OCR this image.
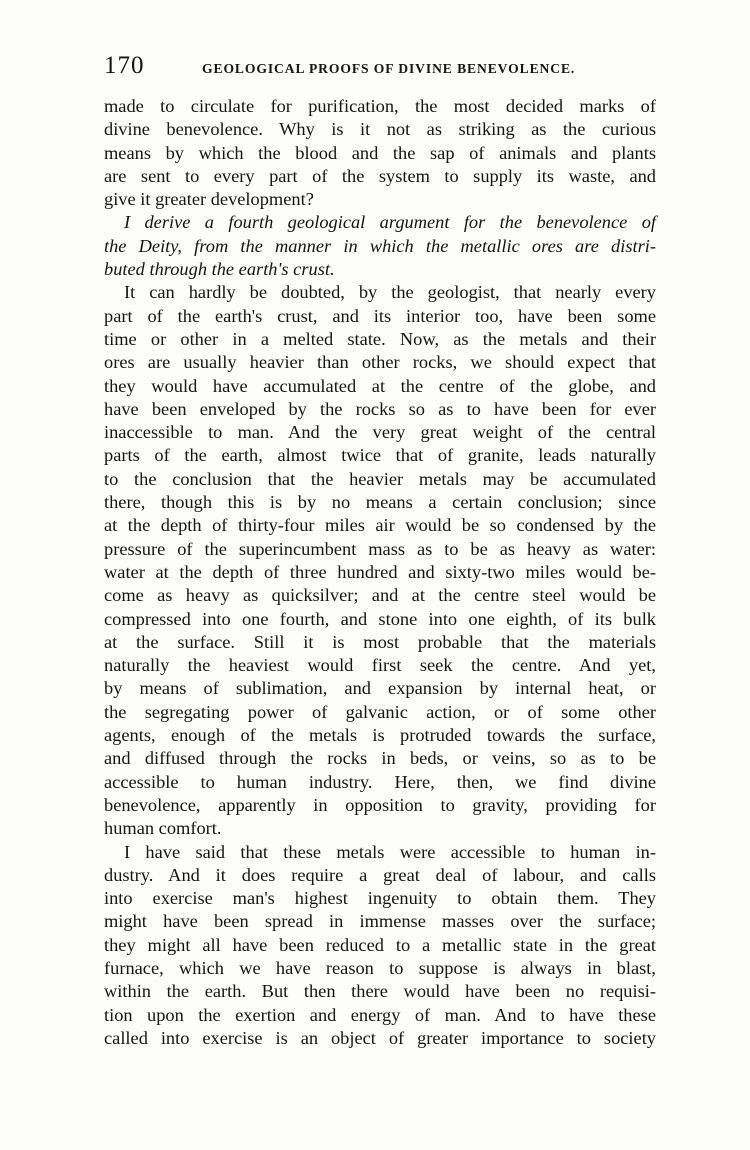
170	GEOLOGICAL PROOFS OF DIVINE BENEVOLENCE.
made to circulate for purification, the most decided marks of
divine benevolence. Why is it not as striking as the curious
means by which the blood and the sap of animals and plants
are sent to every part of the system to supply its waste, and
give it greater development?
I derive a fourth geological argument for the benevolence of
the Deity, from the manner in which the metallic ores are distri-
buted through the earth's crust.
It can hardly be doubted, by the geologist, that nearly every
part of the earth's crust, and its interior too, have been some
time or other in a melted state. Now, as the metals and their
ores are usually heavier than other rocks, we should expect that
they would have accumulated at the centre of the globe, and
have been enveloped by the rocks so as to have been for ever
inaccessible to man. And the very great weight of the central
parts of the earth, almost twice that of granite, leads naturally
to the conclusion that the heavier metals may be accumulated
there, though this is by no means a certain conclusion; since
at the depth of thirty-four miles air would be so condensed by the
pressure of the superincumbent mass as to be as heavy as water:
water at the depth of three hundred and sixty-two miles would be-
come as heavy as quicksilver; and at the centre steel would be
compressed into one fourth, and stone into one eighth, of its bulk
at the surface. Still it is most probable that the materials
naturally the heaviest would first seek the centre. And yet,
by means of sublimation, and expansion by internal heat, or
the segregating power of galvanic action, or of some other
agents, enough of the metals is protruded towards the surface,
and diffused through the rocks in beds, or veins, so as to be
accessible to human industry. Here, then, we find divine
benevolence, apparently in opposition to gravity, providing for
human comfort.
I have said that these metals were accessible to human in-
dustry. And it does require a great deal of labour, and calls
into exercise man's highest ingenuity to obtain them. They
might have been spread in immense masses over the surface;
they might all have been reduced to a metallic state in the great
furnace, which we have reason to suppose is always in blast,
within the earth. But then there would have been no requisi-
tion upon the exertion and energy of man. And to have these
called into exercise is an object of greater importance to society
